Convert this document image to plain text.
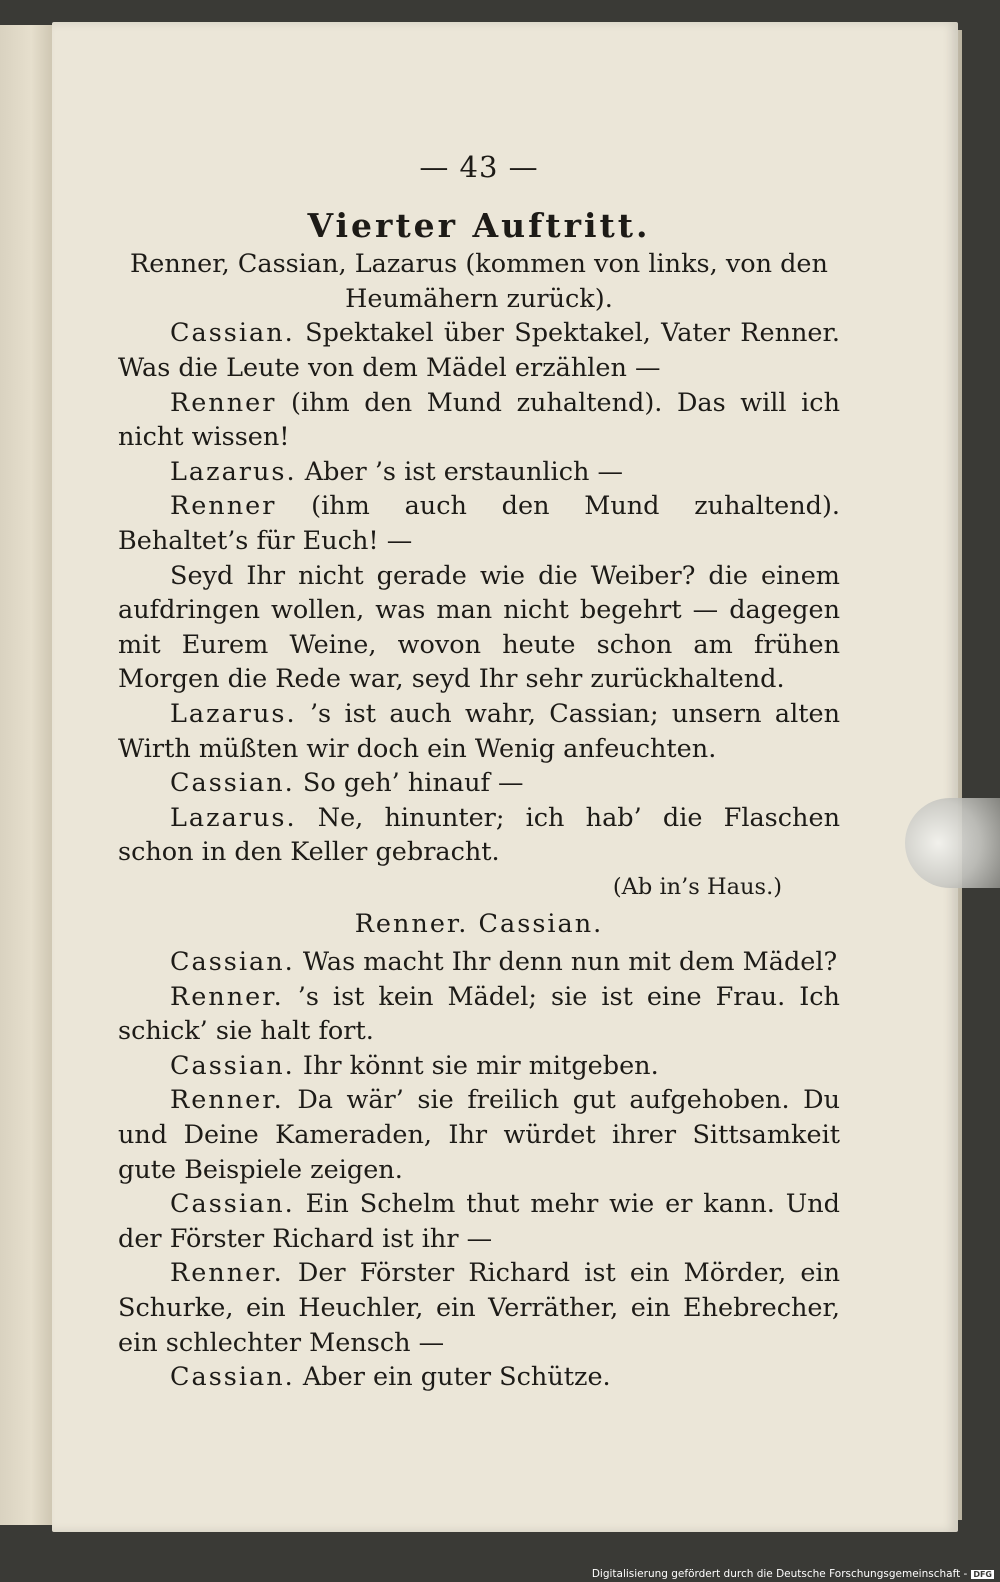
— 43 —
Vierter Auftritt.
Renner, Cassian, Lazarus (kommen von links, von den Heumähern zurück).

Cassian. Spektakel über Spektakel, Vater Renner. Was die Leute von dem Mädel erzählen —

Renner (ihm den Mund zuhaltend). Das will ich nicht wissen!

Lazarus. Aber ’s ist erstaunlich —

Renner (ihm auch den Mund zuhaltend). Behaltet’s für Euch! —

Seyd Ihr nicht gerade wie die Weiber? die einem aufdringen wollen, was man nicht begehrt — dagegen mit Eurem Weine, wovon heute schon am frühen Morgen die Rede war, seyd Ihr sehr zurückhaltend.

Lazarus. ’s ist auch wahr, Cassian; unsern alten Wirth müßten wir doch ein Wenig anfeuchten.

Cassian. So geh’ hinauf —

Lazarus. Ne, hinunter; ich hab’ die Flaschen schon in den Keller gebracht.

(Ab in’s Haus.)
Renner. Cassian.

Cassian. Was macht Ihr denn nun mit dem Mädel?

Renner. ’s ist kein Mädel; sie ist eine Frau. Ich schick’ sie halt fort.

Cassian. Ihr könnt sie mir mitgeben.

Renner. Da wär’ sie freilich gut aufgehoben. Du und Deine Kameraden, Ihr würdet ihrer Sittsamkeit gute Beispiele zeigen.

Cassian. Ein Schelm thut mehr wie er kann. Und der Förster Richard ist ihr —

Renner. Der Förster Richard ist ein Mörder, ein Schurke, ein Heuchler, ein Verräther, ein Ehebrecher, ein schlechter Mensch —

Cassian. Aber ein guter Schütze.

Digitalisierung gefördert durch die Deutsche Forschungsgemeinschaft - DFG
